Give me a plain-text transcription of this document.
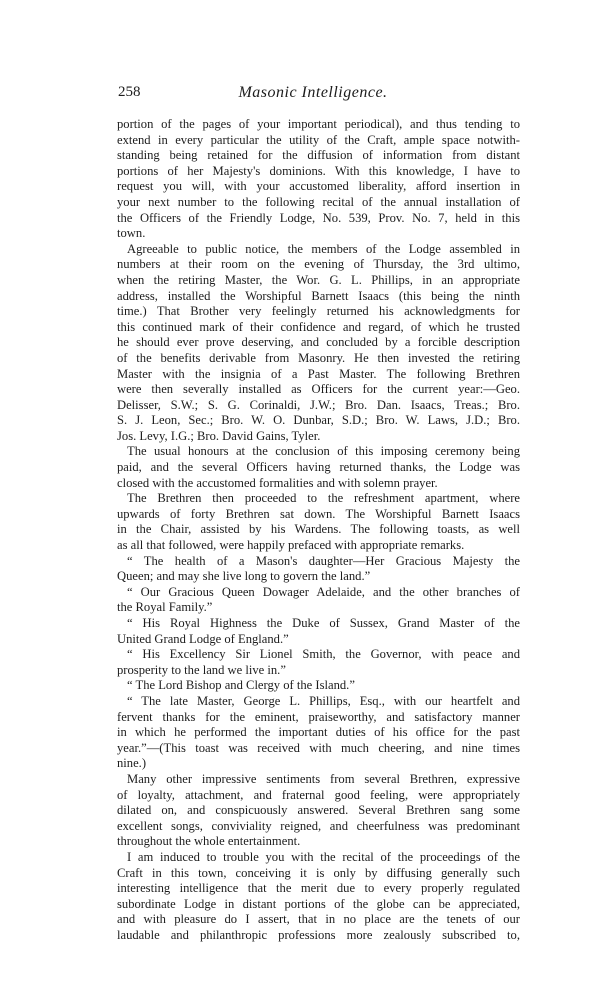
258	Masonic Intelligence.
portion of the pages of your important periodical), and thus tending to
extend in every particular the utility of the Craft, ample space notwith-
standing being retained for the diffusion of information from distant
portions of her Majesty's dominions. With this knowledge, I have to
request you will, with your accustomed liberality, afford insertion in
your next number to the following recital of the annual installation of
the Officers of the Friendly Lodge, No. 539, Prov. No. 7, held in this
town.
Agreeable to public notice, the members of the Lodge assembled in
numbers at their room on the evening of Thursday, the 3rd ultimo,
when the retiring Master, the Wor. G. L. Phillips, in an appropriate
address, installed the Worshipful Barnett Isaacs (this being the ninth
time.) That Brother very feelingly returned his acknowledgments for
this continued mark of their confidence and regard, of which he trusted
he should ever prove deserving, and concluded by a forcible description
of the benefits derivable from Masonry. He then invested the retiring
Master with the insignia of a Past Master. The following Brethren
were then severally installed as Officers for the current year:—Geo.
Delisser, S.W.; S. G. Corinaldi, J.W.; Bro. Dan. Isaacs, Treas.; Bro.
S. J. Leon, Sec.; Bro. W. O. Dunbar, S.D.; Bro. W. Laws, J.D.; Bro.
Jos. Levy, I.G.; Bro. David Gains, Tyler.
The usual honours at the conclusion of this imposing ceremony being
paid, and the several Officers having returned thanks, the Lodge was
closed with the accustomed formalities and with solemn prayer.
The Brethren then proceeded to the refreshment apartment, where
upwards of forty Brethren sat down. The Worshipful Barnett Isaacs
in the Chair, assisted by his Wardens. The following toasts, as well
as all that followed, were happily prefaced with appropriate remarks.
“ The health of a Mason's daughter—Her Gracious Majesty the
Queen; and may she live long to govern the land.”
“ Our Gracious Queen Dowager Adelaide, and the other branches of
the Royal Family.”
“ His Royal Highness the Duke of Sussex, Grand Master of the
United Grand Lodge of England.”
“ His Excellency Sir Lionel Smith, the Governor, with peace and
prosperity to the land we live in.”
“ The Lord Bishop and Clergy of the Island.”
“ The late Master, George L. Phillips, Esq., with our heartfelt and
fervent thanks for the eminent, praiseworthy, and satisfactory manner
in which he performed the important duties of his office for the past
year.”—(This toast was received with much cheering, and nine times
nine.)
Many other impressive sentiments from several Brethren, expressive
of loyalty, attachment, and fraternal good feeling, were appropriately
dilated on, and conspicuously answered. Several Brethren sang some
excellent songs, conviviality reigned, and cheerfulness was predominant
throughout the whole entertainment.
I am induced to trouble you with the recital of the proceedings of the
Craft in this town, conceiving it is only by diffusing generally such
interesting intelligence that the merit due to every properly regulated
subordinate Lodge in distant portions of the globe can be appreciated,
and with pleasure do I assert, that in no place are the tenets of our
laudable and philanthropic professions more zealously subscribed to,
